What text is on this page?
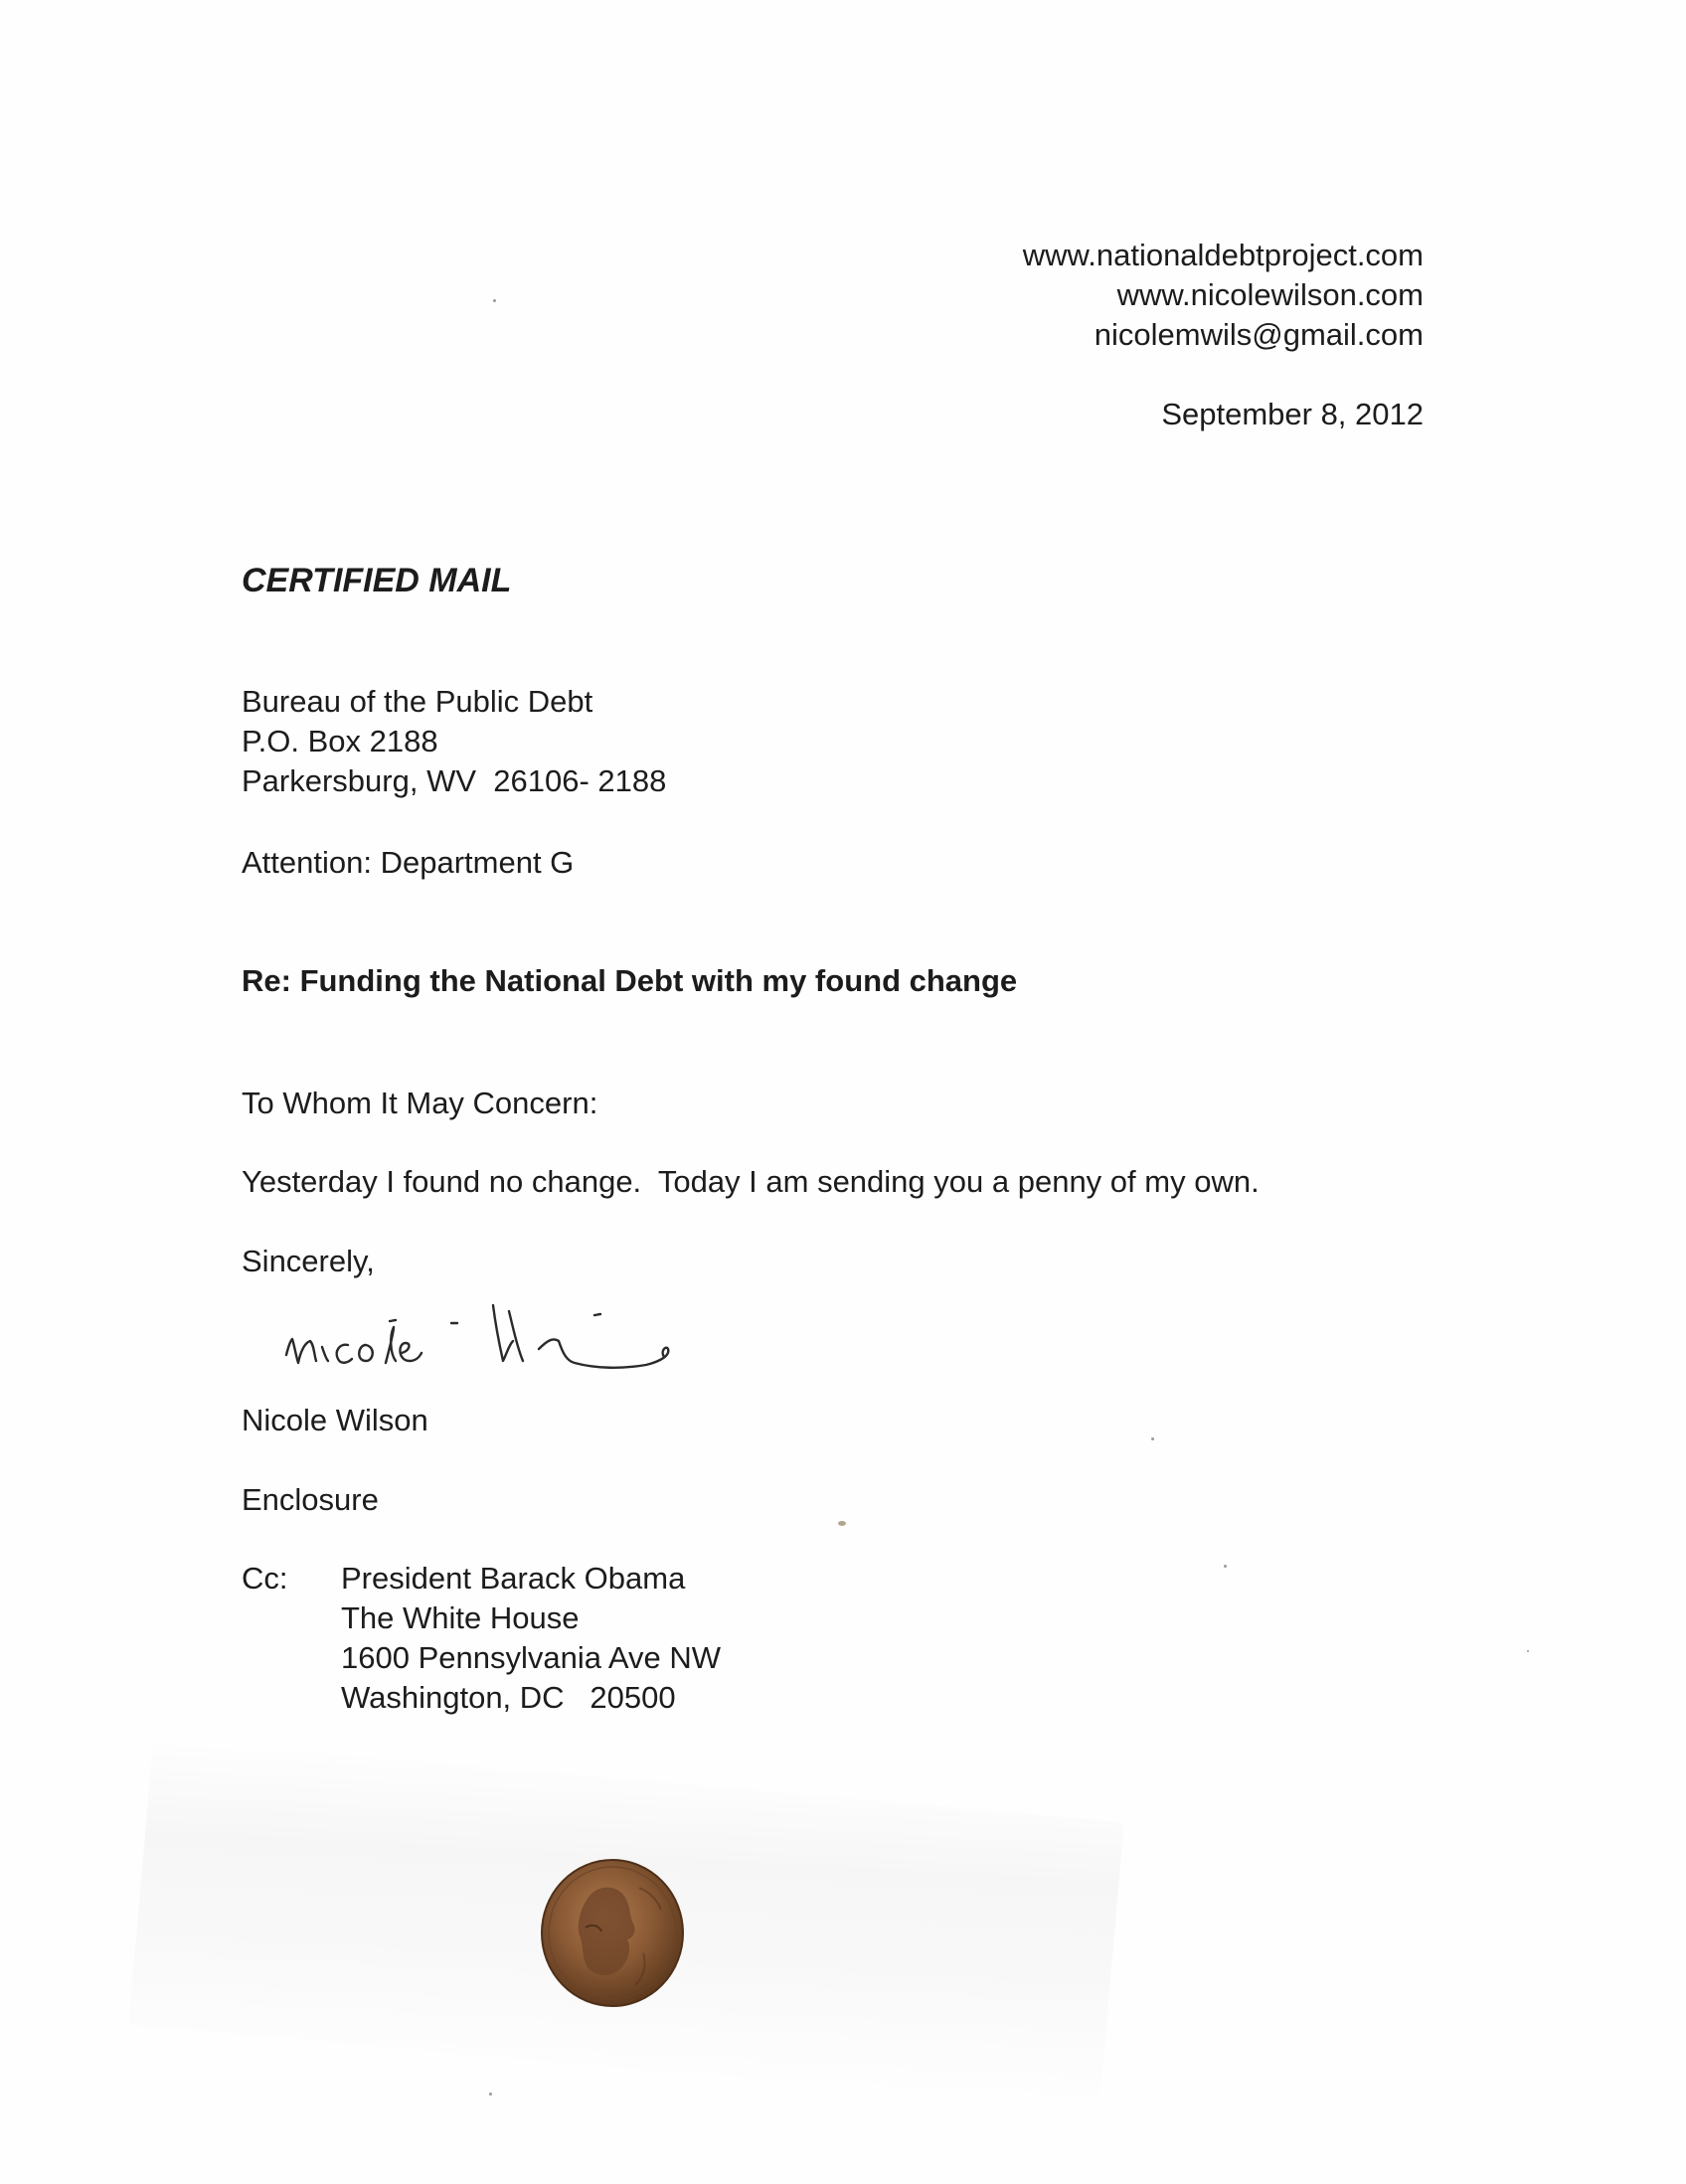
www.nationaldebtproject.com
www.nicolewilson.com
nicolemwils@gmail.com
September 8, 2012
CERTIFIED MAIL
Bureau of the Public Debt
P.O. Box 2188
Parkersburg, WV  26106- 2188
Attention: Department G
Re: Funding the National Debt with my found change
To Whom It May Concern:
Yesterday I found no change.  Today I am sending you a penny of my own.
Sincerely,
Nicole Wilson
Enclosure
Cc: President Barack Obama
The White House
1600 Pennsylvania Ave NW
Washington, DC   20500
